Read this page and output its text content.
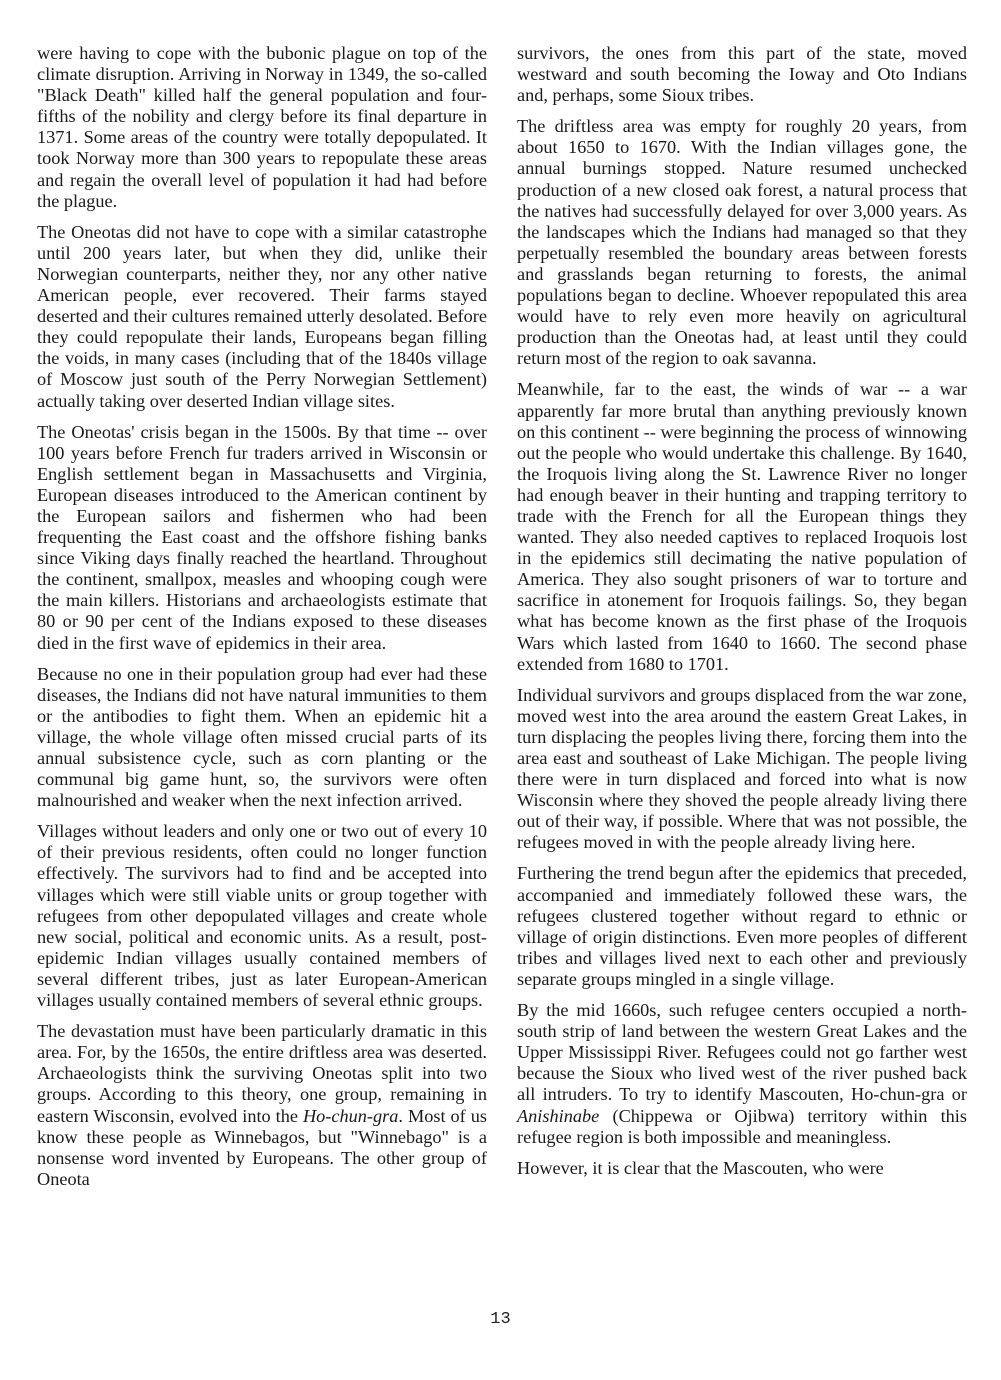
were having to cope with the bubonic plague on top of the climate disruption. Arriving in Norway in 1349, the so-called "Black Death" killed half the general population and four-fifths of the nobility and clergy before its final departure in 1371. Some areas of the country were totally depopulated. It took Norway more than 300 years to repopulate these areas and regain the overall level of population it had had before the plague.

The Oneotas did not have to cope with a similar catastrophe until 200 years later, but when they did, unlike their Norwegian counterparts, neither they, nor any other native American people, ever recovered. Their farms stayed deserted and their cultures remained utterly desolated. Before they could repopulate their lands, Europeans began filling the voids, in many cases (including that of the 1840s village of Moscow just south of the Perry Norwegian Settlement) actually taking over deserted Indian village sites.

The Oneotas' crisis began in the 1500s. By that time -- over 100 years before French fur traders arrived in Wisconsin or English settlement began in Massachusetts and Virginia, European diseases introduced to the American continent by the European sailors and fishermen who had been frequenting the East coast and the offshore fishing banks since Viking days finally reached the heartland. Throughout the continent, smallpox, measles and whooping cough were the main killers. Historians and archaeologists estimate that 80 or 90 per cent of the Indians exposed to these diseases died in the first wave of epidemics in their area.

Because no one in their population group had ever had these diseases, the Indians did not have natural immunities to them or the antibodies to fight them. When an epidemic hit a village, the whole village often missed crucial parts of its annual subsistence cycle, such as corn planting or the communal big game hunt, so, the survivors were often malnourished and weaker when the next infection arrived.

Villages without leaders and only one or two out of every 10 of their previous residents, often could no longer function effectively. The survivors had to find and be accepted into villages which were still viable units or group together with refugees from other depopulated villages and create whole new social, political and economic units. As a result, post-epidemic Indian villages usually contained members of several different tribes, just as later European-American villages usually contained members of several ethnic groups.

The devastation must have been particularly dramatic in this area. For, by the 1650s, the entire driftless area was deserted. Archaeologists think the surviving Oneotas split into two groups. According to this theory, one group, remaining in eastern Wisconsin, evolved into the Ho-chun-gra. Most of us know these people as Winnebagos, but "Winnebago" is a nonsense word invented by Europeans. The other group of Oneota

survivors, the ones from this part of the state, moved westward and south becoming the Ioway and Oto Indians and, perhaps, some Sioux tribes.

The driftless area was empty for roughly 20 years, from about 1650 to 1670. With the Indian villages gone, the annual burnings stopped. Nature resumed unchecked production of a new closed oak forest, a natural process that the natives had successfully delayed for over 3,000 years. As the landscapes which the Indians had managed so that they perpetually resembled the boundary areas between forests and grasslands began returning to forests, the animal populations began to decline. Whoever repopulated this area would have to rely even more heavily on agricultural production than the Oneotas had, at least until they could return most of the region to oak savanna.

Meanwhile, far to the east, the winds of war -- a war apparently far more brutal than anything previously known on this continent -- were beginning the process of winnowing out the people who would undertake this challenge. By 1640, the Iroquois living along the St. Lawrence River no longer had enough beaver in their hunting and trapping territory to trade with the French for all the European things they wanted. They also needed captives to replaced Iroquois lost in the epidemics still decimating the native population of America. They also sought prisoners of war to torture and sacrifice in atonement for Iroquois failings. So, they began what has become known as the first phase of the Iroquois Wars which lasted from 1640 to 1660. The second phase extended from 1680 to 1701.

Individual survivors and groups displaced from the war zone, moved west into the area around the eastern Great Lakes, in turn displacing the peoples living there, forcing them into the area east and southeast of Lake Michigan. The people living there were in turn displaced and forced into what is now Wisconsin where they shoved the people already living there out of their way, if possible. Where that was not possible, the refugees moved in with the people already living here.

Furthering the trend begun after the epidemics that preceded, accompanied and immediately followed these wars, the refugees clustered together without regard to ethnic or village of origin distinctions. Even more peoples of different tribes and villages lived next to each other and previously separate groups mingled in a single village.

By the mid 1660s, such refugee centers occupied a north-south strip of land between the western Great Lakes and the Upper Mississippi River. Refugees could not go farther west because the Sioux who lived west of the river pushed back all intruders. To try to identify Mascouten, Ho-chun-gra or Anishinabe (Chippewa or Ojibwa) territory within this refugee region is both impossible and meaningless.

However, it is clear that the Mascouten, who were

13
